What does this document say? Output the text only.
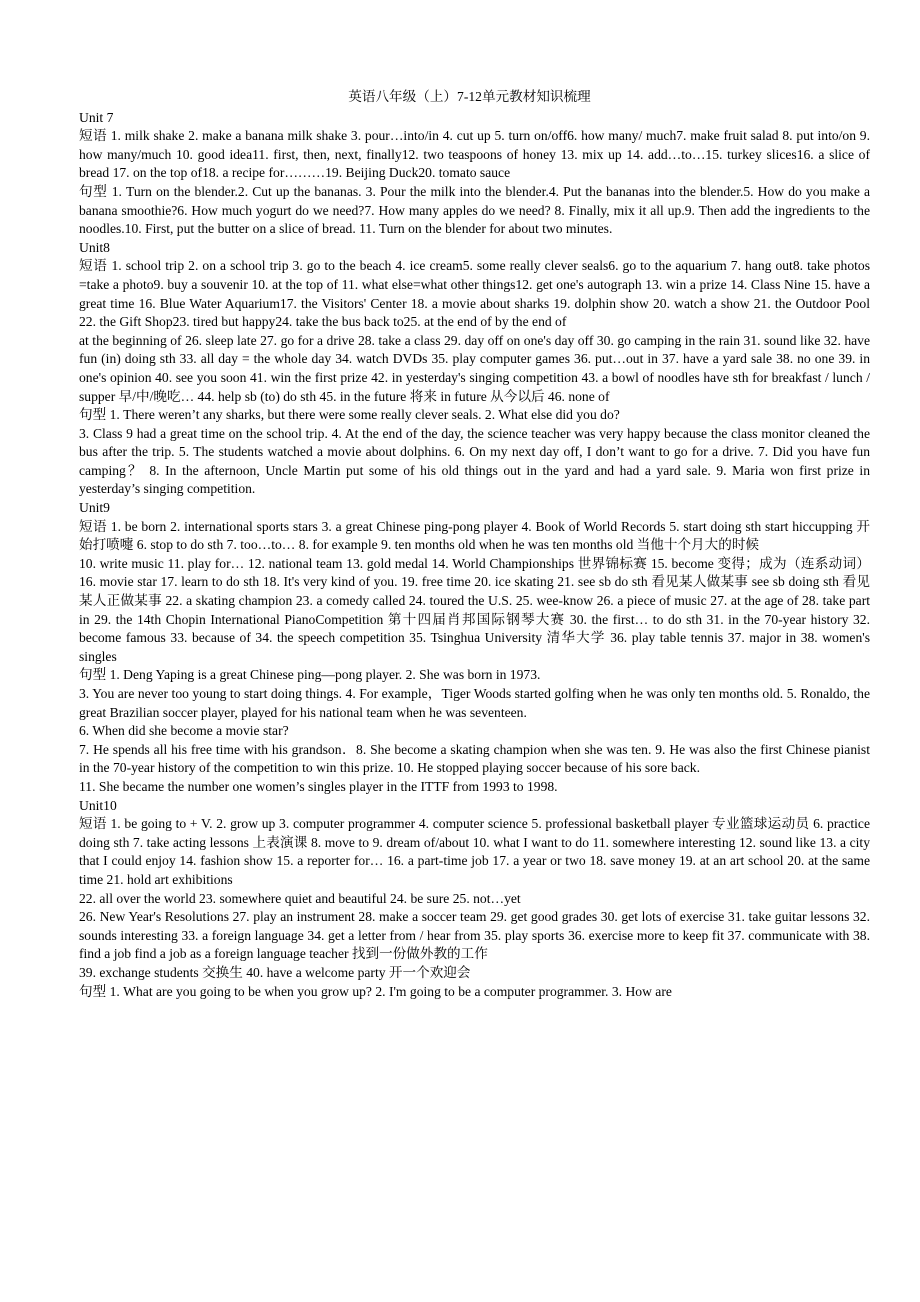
英语八年级（上）7-12单元教材知识梳理
Unit 7

短语 1. milk shake 2. make a banana milk shake 3. pour…into/in 4. cut up 5. turn on/off6. how many/ much7. make fruit salad 8. put into/on 9. how many/much 10. good idea11. first, then, next, finally12. two teaspoons of honey 13. mix up 14. add…to…15. turkey slices16. a slice of bread 17. on the top of18. a recipe for………19. Beijing Duck20. tomato sauce

句型 1. Turn on the blender.2. Cut up the bananas. 3. Pour the milk into the blender.4. Put the bananas into the blender.5. How do you make a banana smoothie?6. How much yogurt do we need?7. How many apples do we need? 8. Finally, mix it all up.9. Then add the ingredients to the noodles.10. First, put the butter on a slice of bread. 11. Turn on the blender for about two minutes.

Unit8

短语 1. school trip 2. on a school trip 3. go to the beach 4. ice cream5. some really clever seals6. go to the aquarium 7. hang out8. take photos =take a photo9. buy a souvenir 10. at the top of 11. what else=what other things12. get one's autograph 13. win a prize 14. Class Nine 15. have a great time 16. Blue Water Aquarium17. the Visitors' Center 18. a movie about sharks 19. dolphin show 20. watch a show 21. the Outdoor Pool 22. the Gift Shop23. tired but happy24. take the bus back to25. at the end of by the end of

at the beginning of 26. sleep late 27. go for a drive 28. take a class 29. day off on one's day off 30. go camping in the rain 31. sound like 32. have fun (in) doing sth 33. all day = the whole day 34. watch DVDs 35. play computer games 36. put…out in 37. have a yard sale 38. no one 39. in one's opinion 40. see you soon 41. win the first prize 42. in yesterday's singing competition 43. a bowl of noodles have sth for breakfast / lunch / supper 早/中/晚吃… 44. help sb (to) do sth 45. in the future 将来 in future 从今以后 46. none of

句型 1. There weren’t any sharks, but there were some really clever seals. 2. What else did you do?

3. Class 9 had a great time on the school trip. 4. At the end of the day, the science teacher was very happy because the class monitor cleaned the bus after the trip. 5. The students watched a movie about dolphins. 6. On my next day off, I don’t want to go for a drive. 7. Did you have fun camping？ 8. In the afternoon, Uncle Martin put some of his old things out in the yard and had a yard sale. 9. Maria won first prize in yesterday’s singing competition.

Unit9

短语 1. be born 2. international sports stars 3. a great Chinese ping-pong player 4. Book of World Records 5. start doing sth start hiccupping 开始打喷嚏 6. stop to do sth 7. too…to… 8. for example 9. ten months old when he was ten months old 当他十个月大的时候

10. write music 11. play for… 12. national team 13. gold medal 14. World Championships 世界锦标赛 15. become 变得；成为（连系动词）16. movie star 17. learn to do sth 18. It's very kind of you. 19. free time 20. ice skating 21. see sb do sth 看见某人做某事 see sb doing sth 看见某人正做某事 22. a skating champion 23. a comedy called 24. toured the U.S. 25. wee-know 26. a piece of music 27. at the age of 28. take part in 29. the 14th Chopin International PianoCompetition 第十四届肖邦国际钢琴大赛 30. the first… to do sth 31. in the 70-year history 32. become famous 33. because of 34. the speech competition 35. Tsinghua University 清华大学 36. play table tennis 37. major in 38. women's singles

句型 1. Deng Yaping is a great Chinese ping—pong player. 2. She was born in 1973.

3. You are never too young to start doing things. 4. For example，Tiger Woods started golfing when he was only ten months old. 5. Ronaldo, the great Brazilian soccer player, played for his national team when he was seventeen.

6. When did she become a movie star?

7. He spends all his free time with his grandson．8. She become a skating champion when she was ten. 9. He was also the first Chinese pianist in the 70-year history of the competition to win this prize. 10. He stopped playing soccer because of his sore back.

11. She became the number one women’s singles player in the ITTF from 1993 to 1998.

Unit10

短语 1. be going to + V. 2. grow up 3. computer programmer 4. computer science 5. professional basketball player 专业篮球运动员 6. practice doing sth 7. take acting lessons 上表演课 8. move to 9. dream of/about 10. what I want to do 11. somewhere interesting 12. sound like 13. a city that I could enjoy 14. fashion show 15. a reporter for… 16. a part-time job 17. a year or two 18. save money 19. at an art school 20. at the same time 21. hold art exhibitions

22. all over the world 23. somewhere quiet and beautiful 24. be sure 25. not…yet

26. New Year's Resolutions 27. play an instrument 28. make a soccer team 29. get good grades 30. get lots of exercise 31. take guitar lessons 32. sounds interesting 33. a foreign language 34. get a letter from / hear from 35. play sports 36. exercise more to keep fit 37. communicate with 38. find a job find a job as a foreign language teacher 找到一份做外教的工作

39. exchange students 交换生 40. have a welcome party 开一个欢迎会

句型 1. What are you going to be when you grow up? 2. I'm going to be a computer programmer. 3. How are
